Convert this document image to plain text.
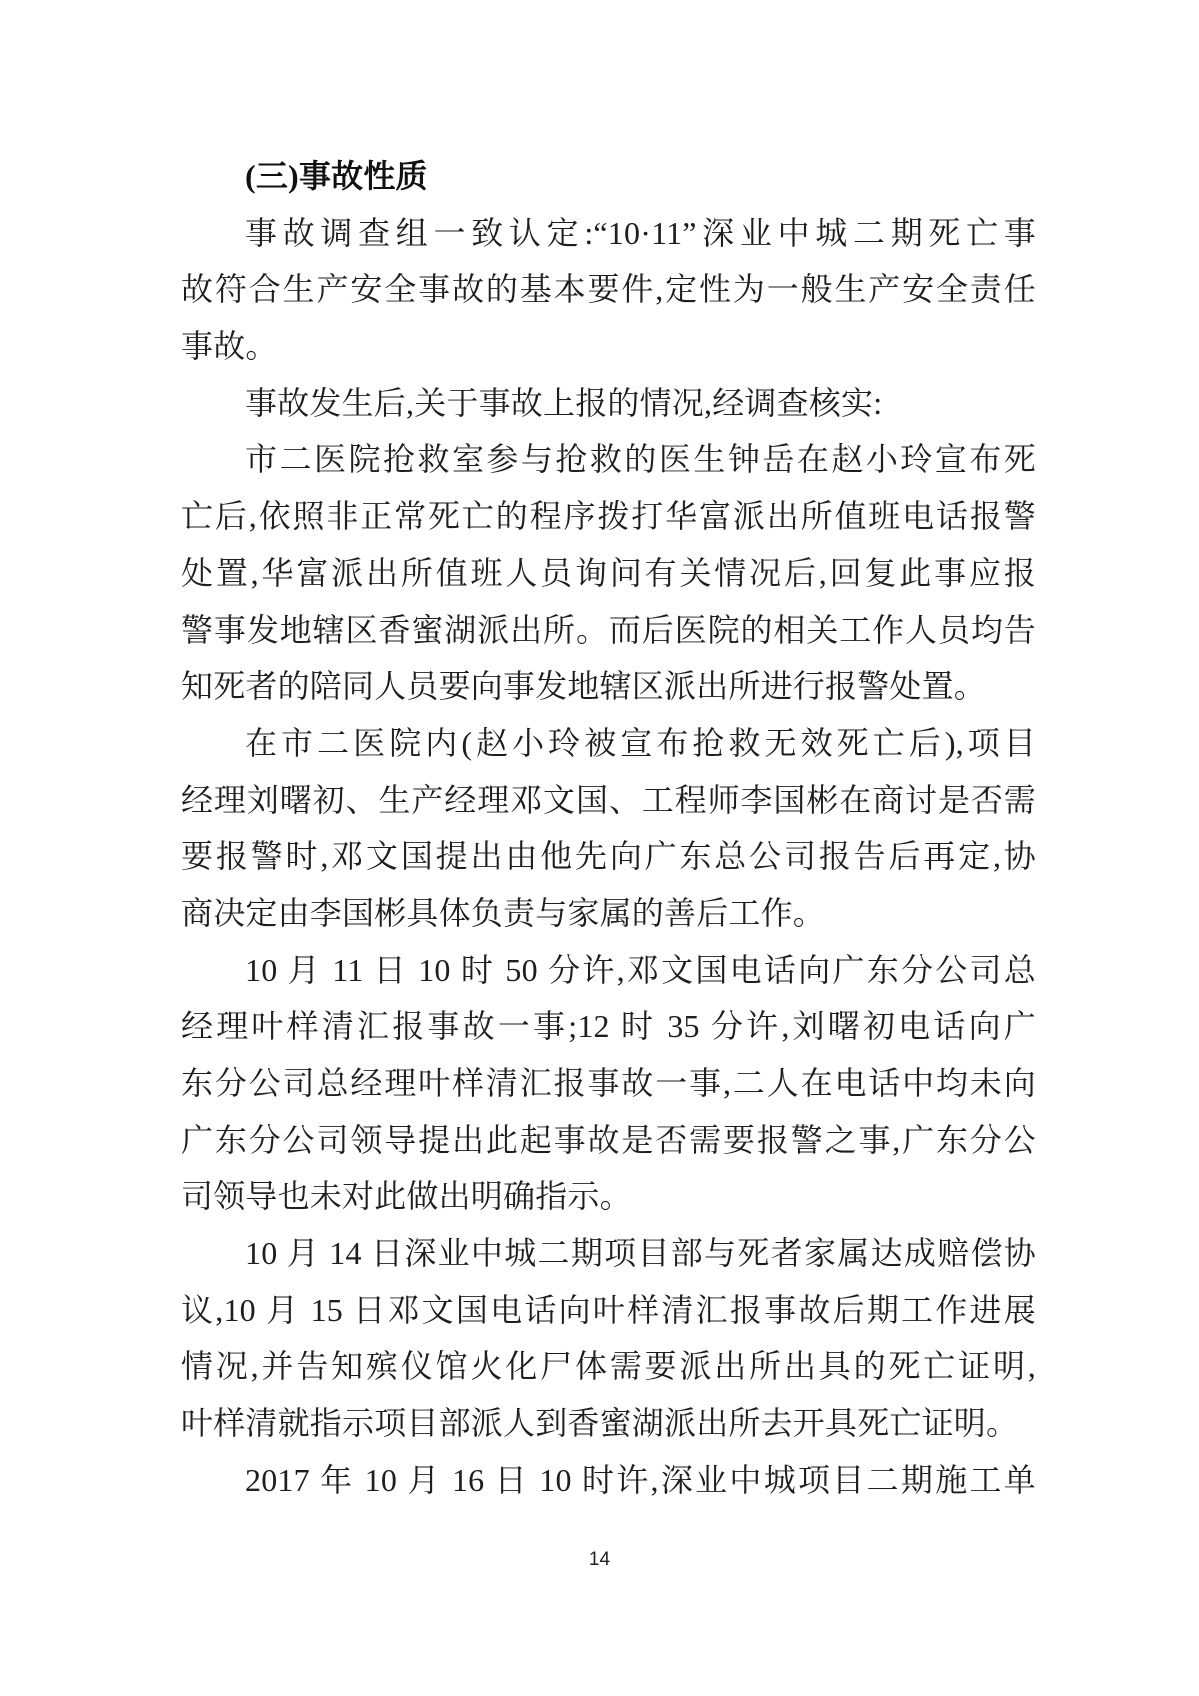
(三)事故性质
事故调查组一致认定:“10·11”深业中城二期死亡事
故符合生产安全事故的基本要件,定性为一般生产安全责任
事故。
事故发生后,关于事故上报的情况,经调查核实:
市二医院抢救室参与抢救的医生钟岳在赵小玲宣布死
亡后,依照非正常死亡的程序拨打华富派出所值班电话报警
处置,华富派出所值班人员询问有关情况后,回复此事应报
警事发地辖区香蜜湖派出所。而后医院的相关工作人员均告
知死者的陪同人员要向事发地辖区派出所进行报警处置。
在市二医院内(赵小玲被宣布抢救无效死亡后),项目
经理刘曙初、生产经理邓文国、工程师李国彬在商讨是否需
要报警时,邓文国提出由他先向广东总公司报告后再定,协
商决定由李国彬具体负责与家属的善后工作。
10 月 11 日 10 时 50 分许,邓文国电话向广东分公司总
经理叶样清汇报事故一事;12 时 35 分许,刘曙初电话向广
东分公司总经理叶样清汇报事故一事,二人在电话中均未向
广东分公司领导提出此起事故是否需要报警之事,广东分公
司领导也未对此做出明确指示。
10 月 14 日深业中城二期项目部与死者家属达成赔偿协
议,10 月 15 日邓文国电话向叶样清汇报事故后期工作进展
情况,并告知殡仪馆火化尸体需要派出所出具的死亡证明,
叶样清就指示项目部派人到香蜜湖派出所去开具死亡证明。
2017 年 10 月 16 日 10 时许,深业中城项目二期施工单
14
